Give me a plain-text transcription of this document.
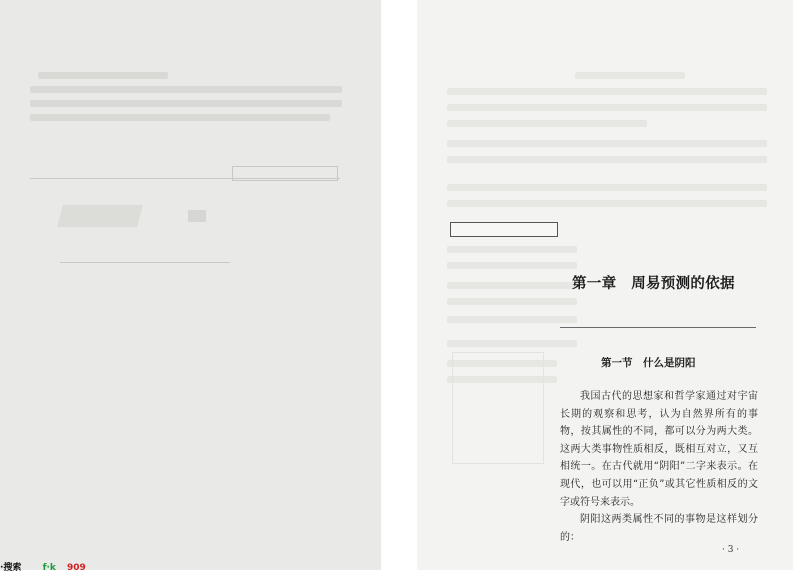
第一章　周易预测的依据
第一节　什么是阴阳

我国古代的思想家和哲学家通过对宇宙长期的观察和思考，认为自然界所有的事物，按其属性的不同，都可以分为两大类。这两大类事物性质相反，既相互对立，又互相统一。在古代就用“阴阳”二字来表示。在现代，也可以用“正负”或其它性质相反的文字或符号来表示。

阴阳这两类属性不同的事物是这样划分的：

· 3 ·
·搜索 f·k 909
